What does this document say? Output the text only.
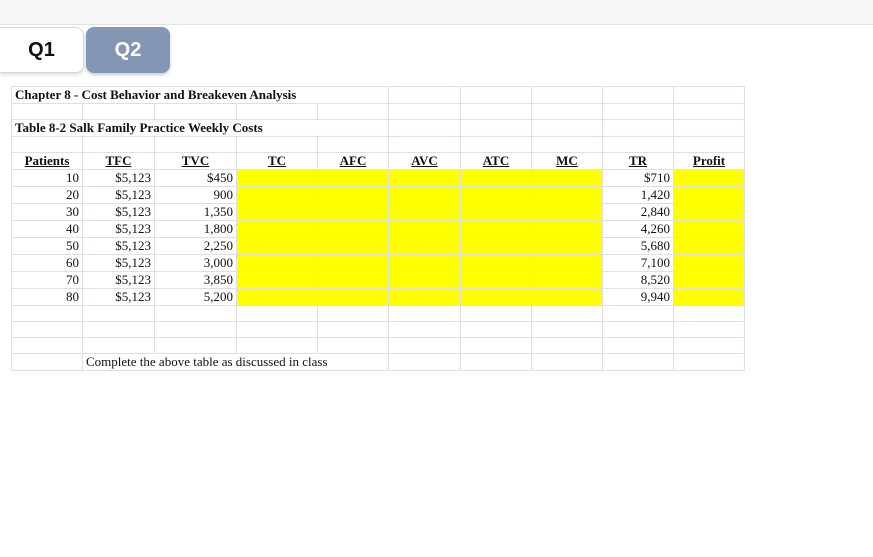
Q1	Q2
Chapter 8 - Cost Behavior and Breakeven Analysis									

Table 8-2 Salk Family Practice Weekly Costs									

Patients	TFC	TVC	TC	AFC	AVC	ATC	MC	TR	Profit
10	$5,123	$450						$710	
20	$5,123	900						1,420	
30	$5,123	1,350						2,840	
40	$5,123	1,800						4,260	
50	$5,123	2,250						5,680	
60	$5,123	3,000						7,100	
70	$5,123	3,850						8,520	
80	$5,123	5,200						9,940	

	Complete the above table as discussed in class								
